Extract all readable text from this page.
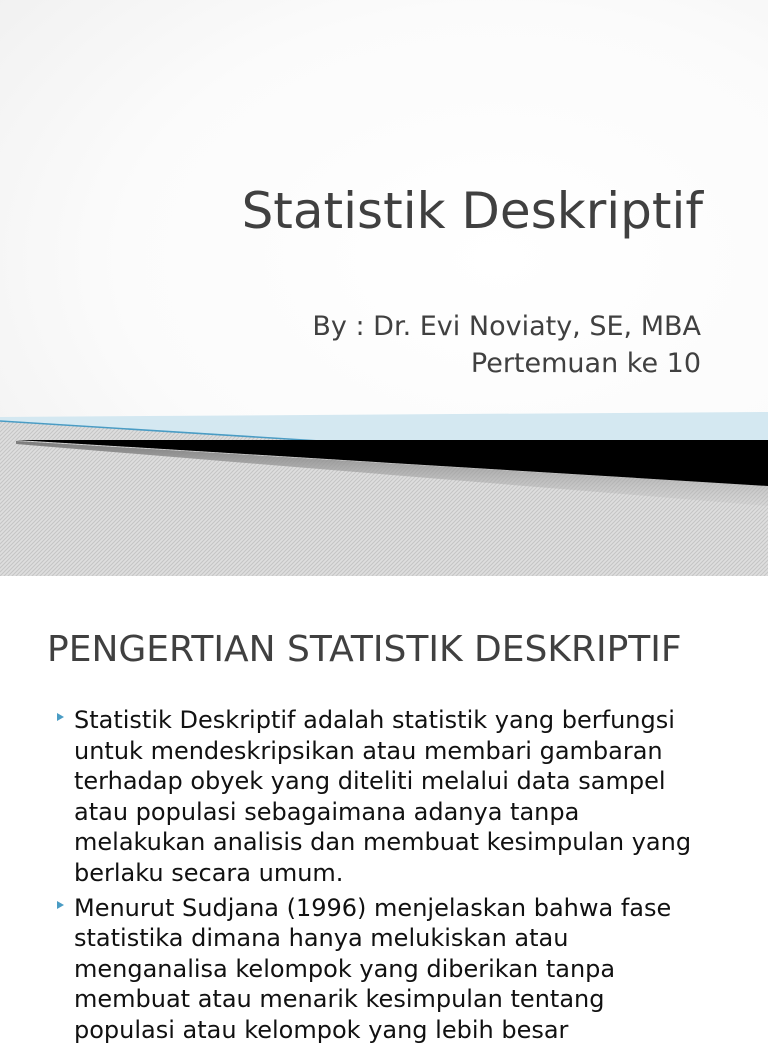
Statistik Deskriptif
By : Dr. Evi Noviaty, SE, MBA
Pertemuan ke 10
PENGERTIAN STATISTIK DESKRIPTIF
Statistik Deskriptif adalah statistik yang berfungsi
untuk mendeskripsikan atau membari gambaran
terhadap obyek yang diteliti melalui data sampel
atau populasi sebagaimana adanya tanpa
melakukan analisis dan membuat kesimpulan yang
berlaku secara umum.
Menurut Sudjana (1996) menjelaskan bahwa fase
statistika dimana hanya melukiskan atau
menganalisa kelompok yang diberikan tanpa
membuat atau menarik kesimpulan tentang
populasi atau kelompok yang lebih besar
